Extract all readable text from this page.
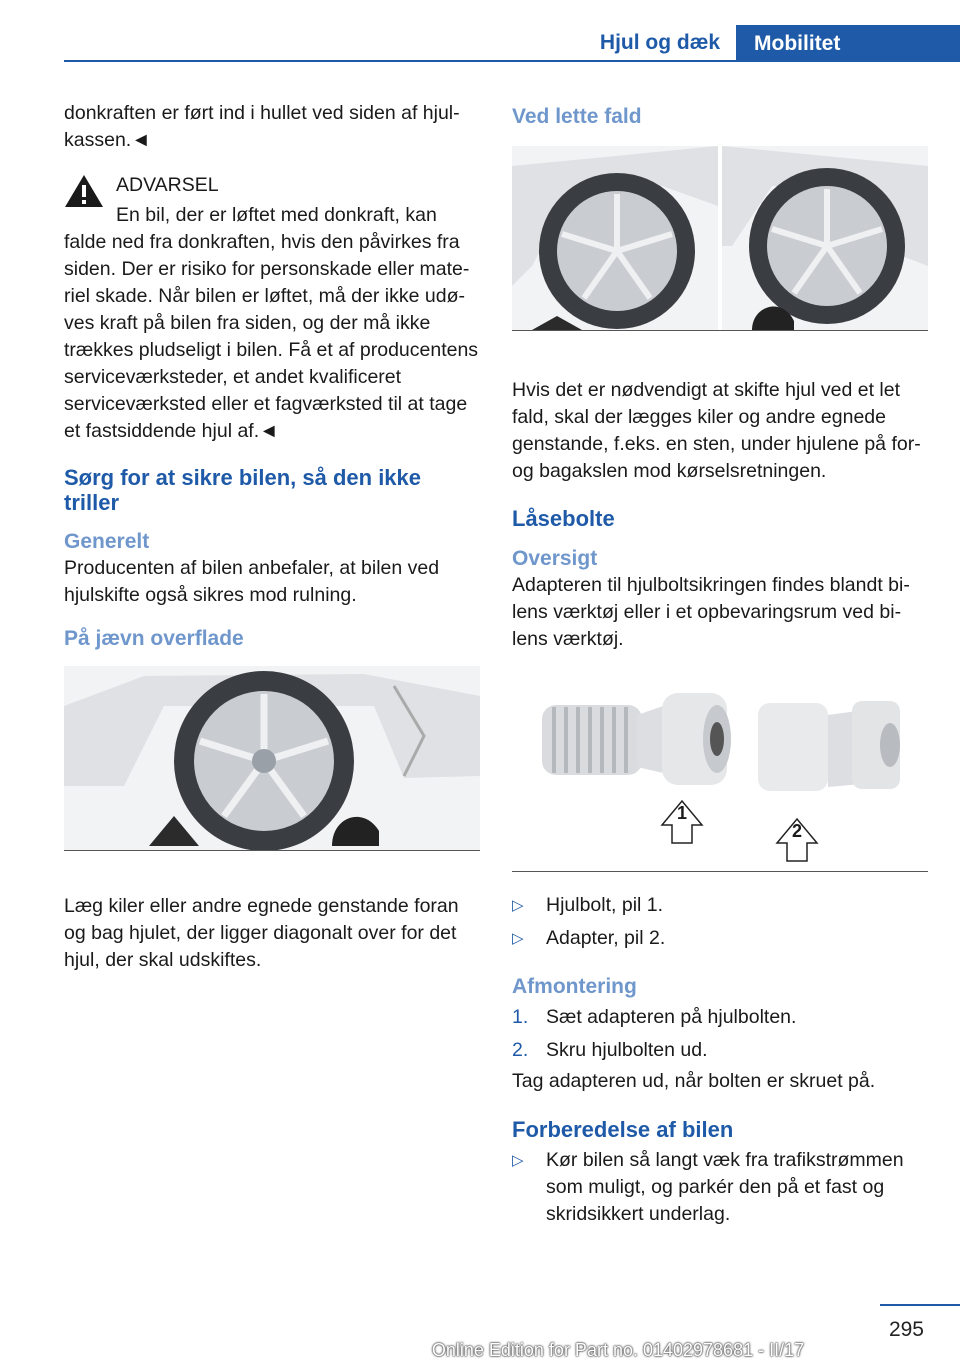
Hjul og dæk	Mobilitet

donkraften er ført ind i hullet ved siden af hjulkassen.◄

ADVARSEL

En bil, der er løftet med donkraft, kan

falde ned fra donkraften, hvis den påvirkes fra siden. Der er risiko for personskade eller materiel skade. Når bilen er løftet, må der ikke udøves kraft på bilen fra siden, og der må ikke trækkes pludseligt i bilen. Få et af producentens serviceværksteder, et andet kvalificeret serviceværksted eller et fagværksted til at tage et fastsiddende hjul af.◄

Sørg for at sikre bilen, så den ikke triller

Generelt

Producenten af bilen anbefaler, at bilen ved hjulskifte også sikres mod rulning.

På jævn overflade

Læg kiler eller andre egnede genstande foran og bag hjulet, der ligger diagonalt over for det hjul, der skal udskiftes.

Ved lette fald

Hvis det er nødvendigt at skifte hjul ved et let fald, skal der lægges kiler og andre egnede genstande, f.eks. en sten, under hjulene på for- og bagakslen mod kørselsretningen.

Låsebolte

Oversigt

Adapteren til hjulboltsikringen findes blandt bilens værktøj eller i et opbevaringsrum ved bilens værktøj.

1
2
▷	Hjulbolt, pil 1.
▷	Adapter, pil 2.

Afmontering

1. Sæt adapteren på hjulbolten.
2. Skru hjulbolten ud.

Tag adapteren ud, når bolten er skruet på.

Forberedelse af bilen

▷	Kør bilen så langt væk fra trafikstrømmen som muligt, og parkér den på et fast og skridsikkert underlag.
295
Online Edition for Part no. 01402978681 - II/17
